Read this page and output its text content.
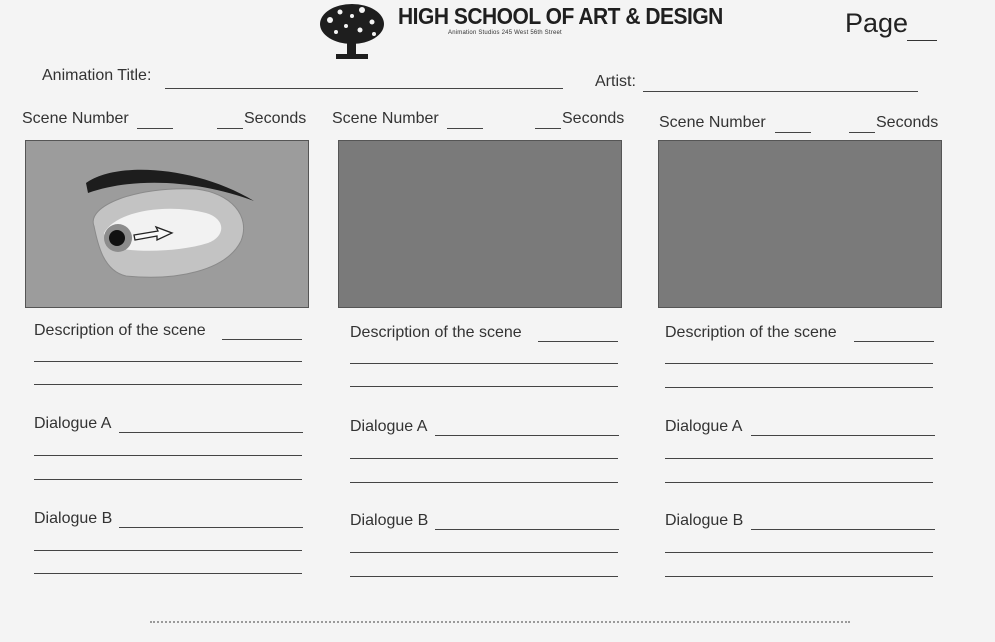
HIGH SCHOOL OF ART & DESIGN
Animation Studios 245 West 56th Street	Page
Animation Title:	Artist:
Scene Number	Seconds
Description of the scene
Dialogue A
Dialogue B
Scene Number	Seconds
Description of the scene
Dialogue A
Dialogue B
Scene Number	Seconds
Description of the scene
Dialogue A
Dialogue B
